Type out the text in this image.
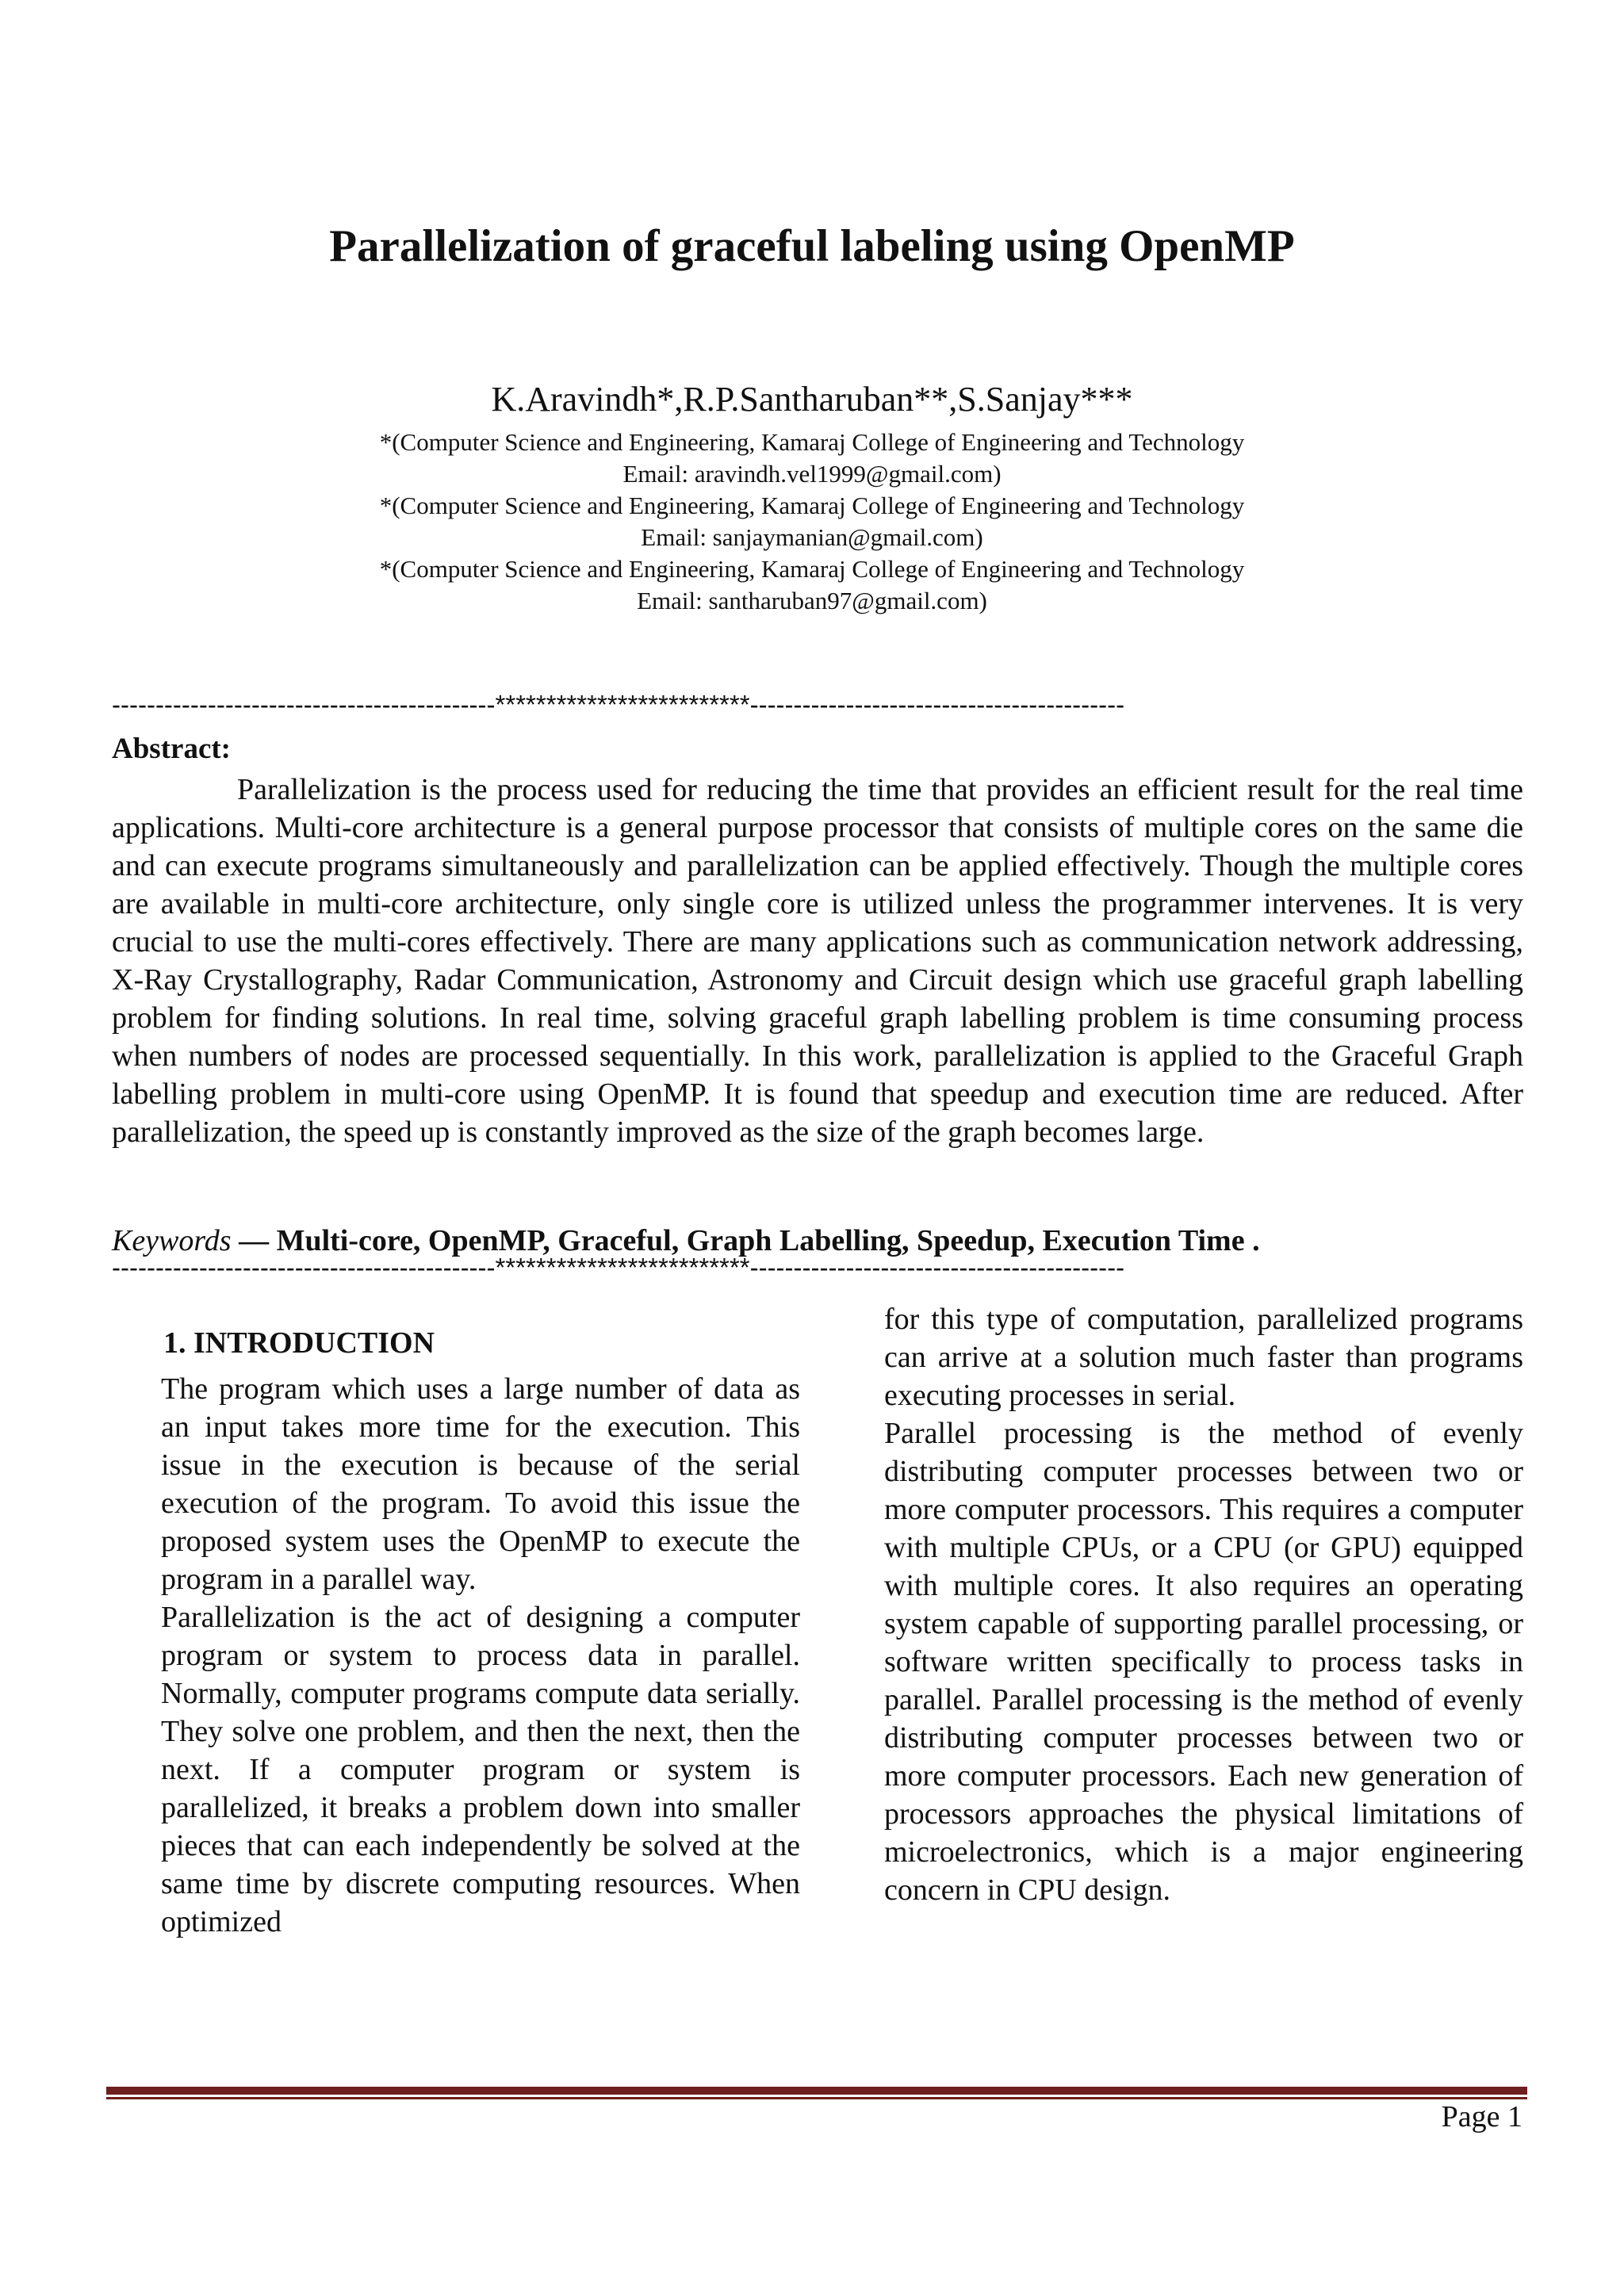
Parallelization of graceful labeling using OpenMP
K.Aravindh*,R.P.Santharuban**,S.Sanjay***
*(Computer Science and Engineering, Kamaraj College of Engineering and Technology
Email: aravindh.vel1999@gmail.com)
*(Computer Science and Engineering, Kamaraj College of Engineering and Technology
Email: sanjaymanian@gmail.com)
*(Computer Science and Engineering, Kamaraj College of Engineering and Technology
Email: santharuban97@gmail.com)
--------------------------------------------*************************-------------------------------------------
Abstract:
Parallelization is the process used for reducing the time that provides an efficient result for the real time applications. Multi-core architecture is a general purpose processor that consists of multiple cores on the same die and can execute programs simultaneously and parallelization can be applied effectively. Though the multiple cores are available in multi-core architecture, only single core is utilized unless the programmer intervenes. It is very crucial to use the multi-cores effectively. There are many applications such as communication network addressing, X-Ray Crystallography, Radar Communication, Astronomy and Circuit design which use graceful graph labelling problem for finding solutions. In real time, solving graceful graph labelling problem is time consuming process when numbers of nodes are processed sequentially. In this work, parallelization is applied to the Graceful Graph labelling problem in multi-core using OpenMP. It is found that speedup and execution time are reduced. After parallelization, the speed up is constantly improved as the size of the graph becomes large.
Keywords — Multi-core, OpenMP, Graceful, Graph Labelling, Speedup, Execution Time .
--------------------------------------------*************************-------------------------------------------
1. INTRODUCTION
The program which uses a large number of data as an input takes more time for the execution. This issue in the execution is because of the serial execution of the program. To avoid this issue the proposed system uses the OpenMP to execute the program in a parallel way.
Parallelization is the act of designing a computer program or system to process data in parallel. Normally, computer programs compute data serially. They solve one problem, and then the next, then the next. If a computer program or system is parallelized, it breaks a problem down into smaller pieces that can each independently be solved at the same time by discrete computing resources. When optimized
for this type of computation, parallelized programs can arrive at a solution much faster than programs executing processes in serial.
Parallel processing is the method of evenly distributing computer processes between two or more computer processors. This requires a computer with multiple CPUs, or a CPU (or GPU) equipped with multiple cores. It also requires an operating system capable of supporting parallel processing, or software written specifically to process tasks in parallel. Parallel processing is the method of evenly distributing computer processes between two or more computer processors. Each new generation of processors approaches the physical limitations of microelectronics, which is a major engineering concern in CPU design.
Page 1
